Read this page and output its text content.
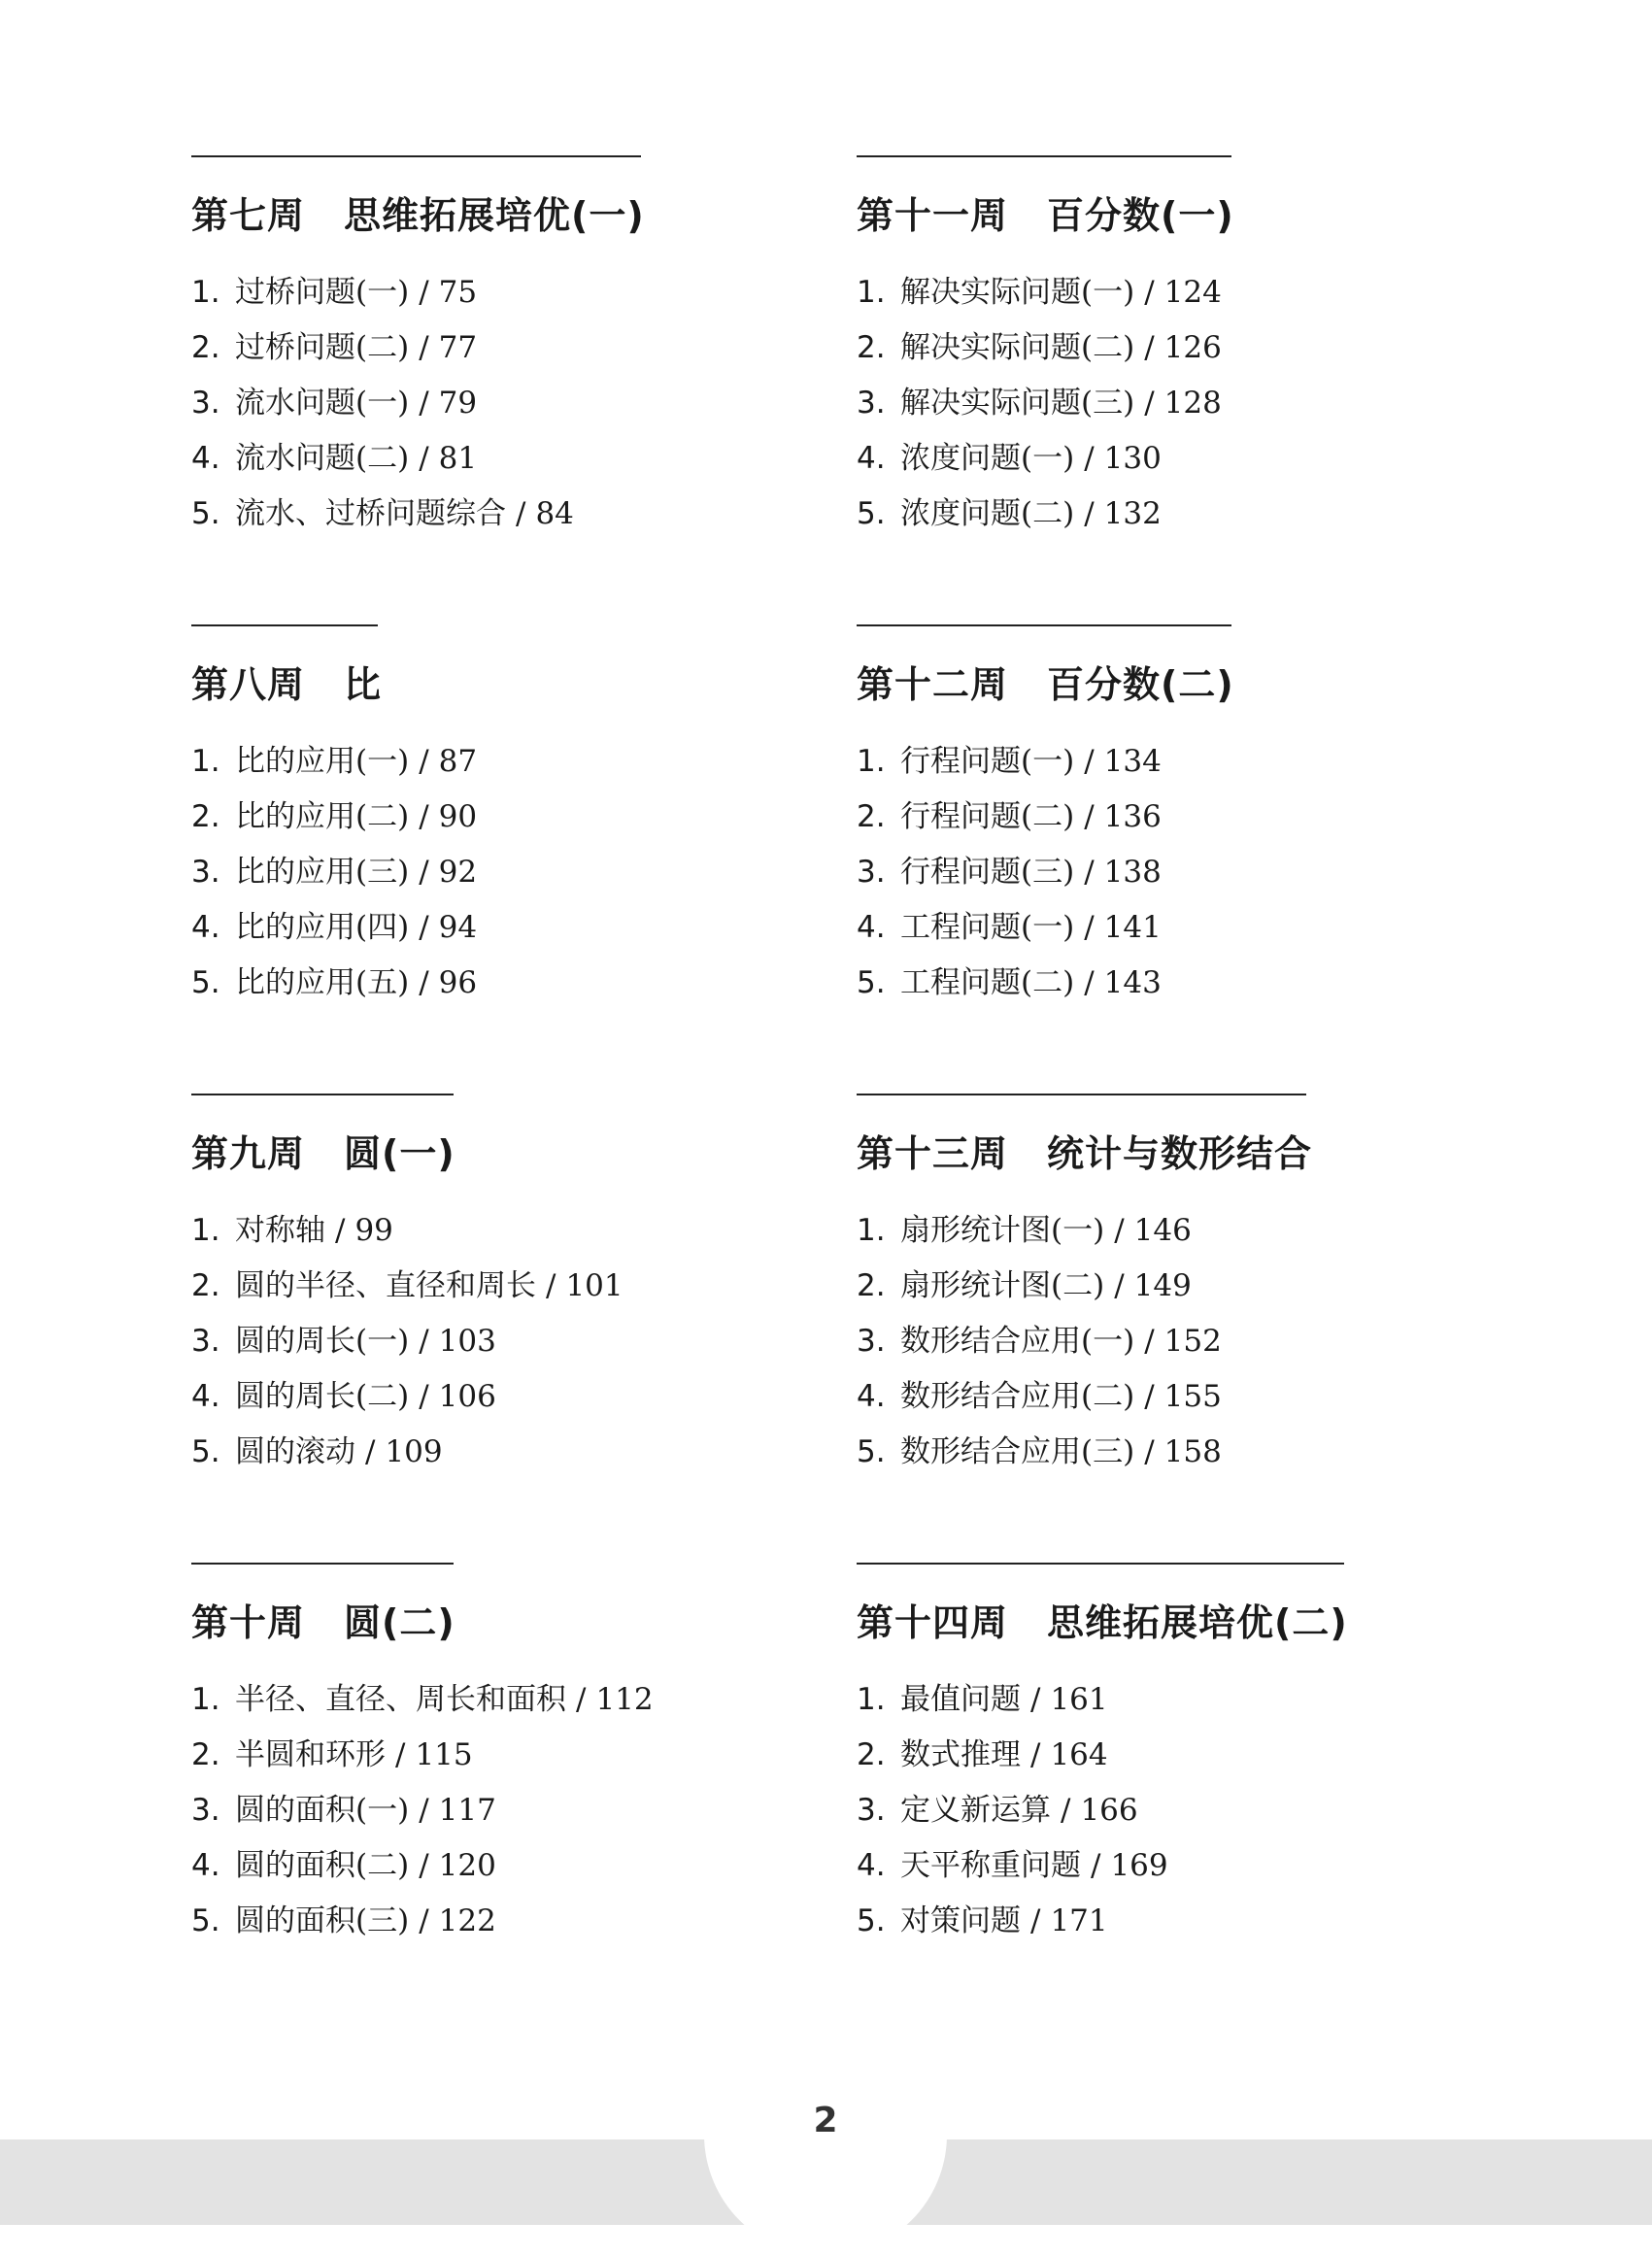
第七周 思维拓展培优(一)
1. 过桥问题(一) / 75
2. 过桥问题(二) / 77
3. 流水问题(一) / 79
4. 流水问题(二) / 81
5. 流水、过桥问题综合 / 84
第十一周 百分数(一)
1. 解决实际问题(一) / 124
2. 解决实际问题(二) / 126
3. 解决实际问题(三) / 128
4. 浓度问题(一) / 130
5. 浓度问题(二) / 132
第八周 比
1. 比的应用(一) / 87
2. 比的应用(二) / 90
3. 比的应用(三) / 92
4. 比的应用(四) / 94
5. 比的应用(五) / 96
第十二周 百分数(二)
1. 行程问题(一) / 134
2. 行程问题(二) / 136
3. 行程问题(三) / 138
4. 工程问题(一) / 141
5. 工程问题(二) / 143
第九周 圆(一)
1. 对称轴 / 99
2. 圆的半径、直径和周长 / 101
3. 圆的周长(一) / 103
4. 圆的周长(二) / 106
5. 圆的滚动 / 109
第十三周 统计与数形结合
1. 扇形统计图(一) / 146
2. 扇形统计图(二) / 149
3. 数形结合应用(一) / 152
4. 数形结合应用(二) / 155
5. 数形结合应用(三) / 158
第十周 圆(二)
1. 半径、直径、周长和面积 / 112
2. 半圆和环形 / 115
3. 圆的面积(一) / 117
4. 圆的面积(二) / 120
5. 圆的面积(三) / 122
第十四周 思维拓展培优(二)
1. 最值问题 / 161
2. 数式推理 / 164
3. 定义新运算 / 166
4. 天平称重问题 / 169
5. 对策问题 / 171
2
